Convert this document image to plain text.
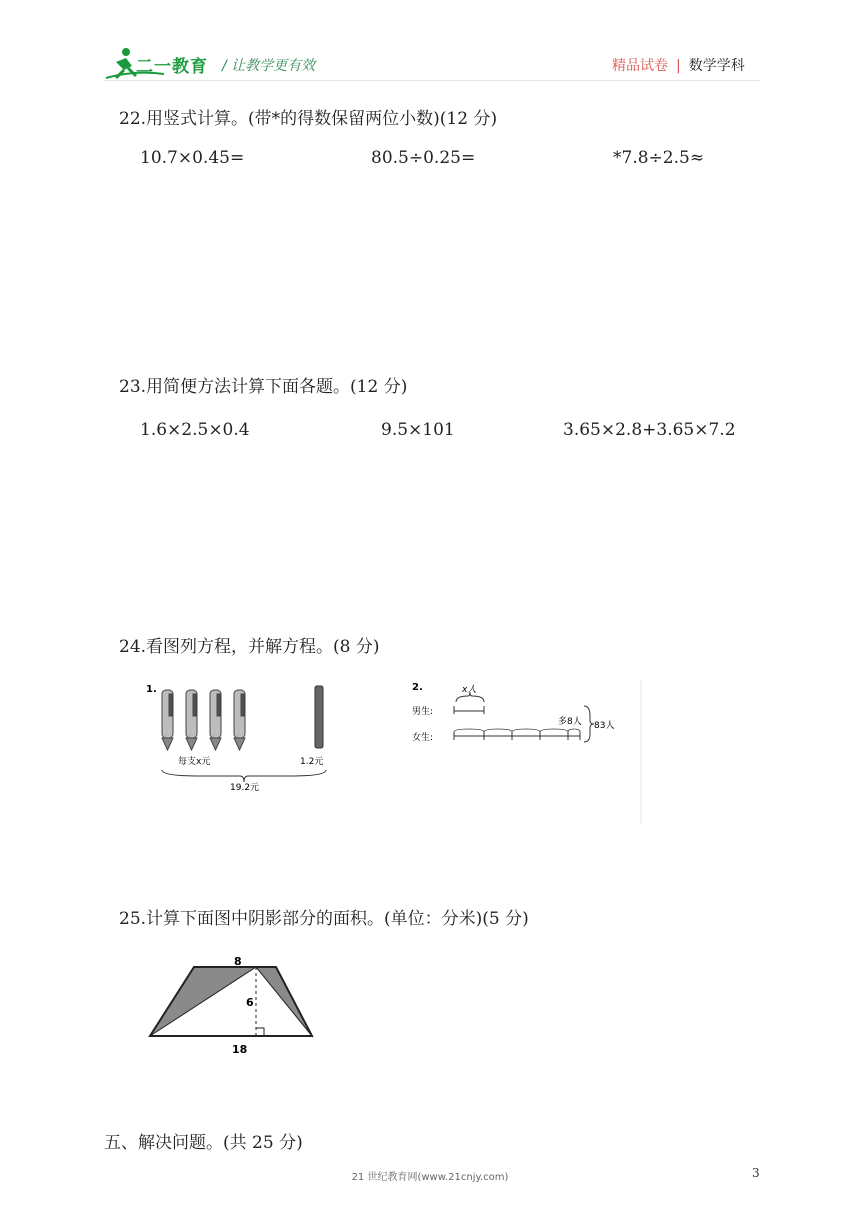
二一教育 / 让教学更有效	精品试卷 | 数学学科
22.用竖式计算。(带*的得数保留两位小数)(12 分)
10.7×0.45=	80.5÷0.25=	*7.8÷2.5≈
23.用简便方法计算下面各题。(12 分)
1.6×2.5×0.4	9.5×101	3.65×2.8+3.65×7.2
24.看图列方程，并解方程。(8 分)
1.
每支x元	1.2元
19.2元
2.	x人
男生:
多8人
女生:
83人
25.计算下面图中阴影部分的面积。(单位：分米)(5 分)
8
6
18
五、解决问题。(共 25 分)
21 世纪教育网(www.21cnjy.com)	3
